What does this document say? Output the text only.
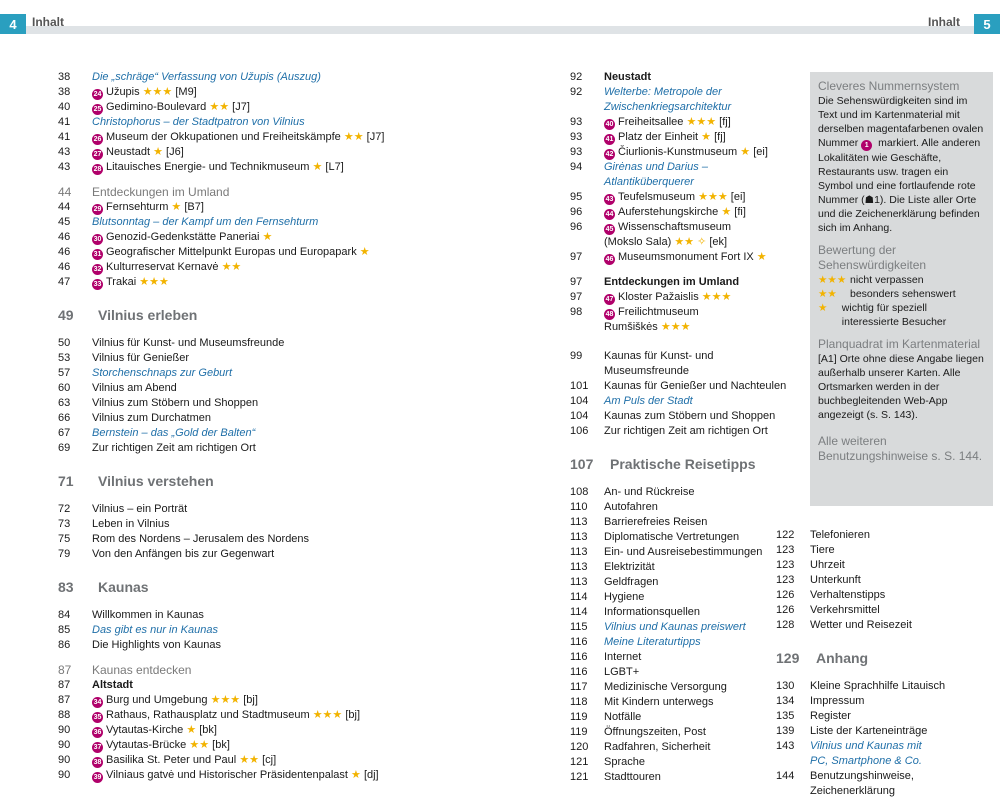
4	Inhalt	Inhalt	5
38	Die „schräge“ Verfassung von Užupis (Auszug)
38	24 Užupis ★★★ [M9]
40	25 Gedimino-Boulevard ★★ [J7]
41	Christophorus – der Stadtpatron von Vilnius
41	26 Museum der Okkupationen und Freiheitskämpfe ★★ [J7]
43	27 Neustadt ★ [J6]
43	28 Litauisches Energie- und Technikmuseum ★ [L7]
44	Entdeckungen im Umland
44	29 Fernsehturm ★ [B7]
45	Blutsonntag – der Kampf um den Fernsehturm
46	30 Genozid-Gedenkstätte Paneriai ★
46	31 Geografischer Mittelpunkt Europas und Europapark ★
46	32 Kulturreservat Kernavė ★★
47	33 Trakai ★★★
49	Vilnius erleben
50	Vilnius für Kunst- und Museumsfreunde
53	Vilnius für Genießer
57	Storchenschnaps zur Geburt
60	Vilnius am Abend
63	Vilnius zum Stöbern und Shoppen
66	Vilnius zum Durchatmen
67	Bernstein – das „Gold der Balten“
69	Zur richtigen Zeit am richtigen Ort
71	Vilnius verstehen
72	Vilnius – ein Porträt
73	Leben in Vilnius
75	Rom des Nordens – Jerusalem des Nordens
79	Von den Anfängen bis zur Gegenwart
83	Kaunas
84	Willkommen in Kaunas
85	Das gibt es nur in Kaunas
86	Die Highlights von Kaunas
87	Kaunas entdecken
87	Altstadt
87	34 Burg und Umgebung ★★★ [bj]
88	35 Rathaus, Rathausplatz und Stadtmuseum ★★★ [bj]
90	36 Vytautas-Kirche ★ [bk]
90	37 Vytautas-Brücke ★★ [bk]
90	38 Basilika St. Peter und Paul ★★ [cj]
90	39 Vilniaus gatvė und Historischer Präsidentenpalast ★ [dj]
92	Neustadt
92	Welterbe: Metropole der
Zwischenkriegsarchitektur
93	40 Freiheitsallee ★★★ [fj]
93	41 Platz der Einheit ★ [fj]
93	42 Čiurlionis-Kunstmuseum ★ [ei]
94	Girėnas und Darius –
Atlantiküberquerer
95	43 Teufelsmuseum ★★★ [ei]
96	44 Auferstehungskirche ★ [fi]
96	45 Wissenschaftsmuseum
(Mokslo Sala) ★★ ✧ [ek]
97	46 Museumsmonument Fort IX ★
97	Entdeckungen im Umland
97	47 Kloster Pažaislis ★★★
98	48 Freilichtmuseum
Rumšiškės ★★★
99	Kaunas für Kunst- und
Museumsfreunde
101	Kaunas für Genießer und Nachteulen
104	Am Puls der Stadt
104	Kaunas zum Stöbern und Shoppen
106	Zur richtigen Zeit am richtigen Ort
107	Praktische Reisetipps
108	An- und Rückreise
110	Autofahren
113	Barrierefreies Reisen
113	Diplomatische Vertretungen
113	Ein- und Ausreisebestimmungen
113	Elektrizität
113	Geldfragen
114	Hygiene
114	Informationsquellen
115	Vilnius und Kaunas preiswert
116	Meine Literaturtipps
116	Internet
116	LGBT+
117	Medizinische Versorgung
118	Mit Kindern unterwegs
119	Notfälle
119	Öffnungszeiten, Post
120	Radfahren, Sicherheit
121	Sprache
121	Stadttouren
122	Telefonieren
123	Tiere
123	Uhrzeit
123	Unterkunft
126	Verhaltenstipps
126	Verkehrsmittel
128	Wetter und Reisezeit
129	Anhang
130	Kleine Sprachhilfe Litauisch
134	Impressum
135	Register
139	Liste der Karteneinträge
143	Vilnius und Kaunas mit
PC, Smartphone & Co.
144	Benutzungshinweise,
Zeichenerklärung
Cleveres Nummernsystem
Die Sehenswürdigkeiten sind im Text und im Kartenmaterial mit derselben magentafarbenen ovalen Nummer 1 markiert. Alle anderen Lokalitäten wie Geschäfte, Restaurants usw. tragen ein Symbol und eine fortlaufende rote Nummer (☗1). Die Liste aller Orte und die Zeichenerklärung befinden sich im Anhang.
Bewertung der Sehenswürdigkeiten
★★★ nicht verpassen
★★	besonders sehenswert
★	wichtig für speziell interessierte Besucher
Planquadrat im Kartenmaterial
[A1] Orte ohne diese Angabe liegen außerhalb unserer Karten. Alle Ortsmarken werden in der buchbegleitenden Web-App angezeigt (s. S. 143).
Alle weiteren Benutzungshinweise s. S. 144.
